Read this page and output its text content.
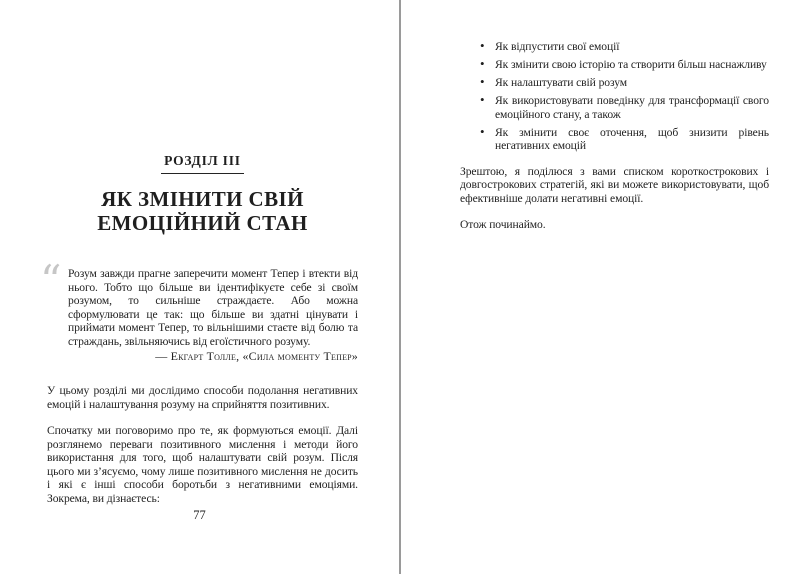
РОЗДІЛ III
ЯК ЗМІНИТИ СВІЙ
ЕМОЦІЙНИЙ СТАН
“ Розум завжди прагне заперечити момент Тепер і втекти від нього. Тобто що більше ви ідентифікуєте себе зі своїм розумом, то сильніше страждаєте. Або можна сформулювати це так: що більше ви здатні цінувати і приймати момент Тепер, то вільнішими стаєте від болю та страждань, звільняючись від егоїстичного розуму.

— Екгарт Толле, «Сила моменту Тепер»

У цьому розділі ми дослідимо способи подолання негативних емоцій і налаштування розуму на сприйняття позитивних.

Спочатку ми поговоримо про те, як формуються емоції. Далі розглянемо переваги позитивного мислення і методи його використання для того, щоб налаштувати свій розум. Після цього ми з’ясуємо, чому лише позитивного мислення не досить і які є інші способи боротьби з негативними емоціями. Зокрема, ви дізнаєтесь:

77
• Як відпустити свої емоції
• Як змінити свою історію та створити більш наснажливу
• Як налаштувати свій розум
• Як використовувати поведінку для трансформації свого емоційного стану, а також
• Як змінити своє оточення, щоб знизити рівень негативних емоцій

Зрештою, я поділюся з вами списком короткострокових і довгострокових стратегій, які ви можете використовувати, щоб ефективніше долати негативні емоції.

Отож починаймо.
